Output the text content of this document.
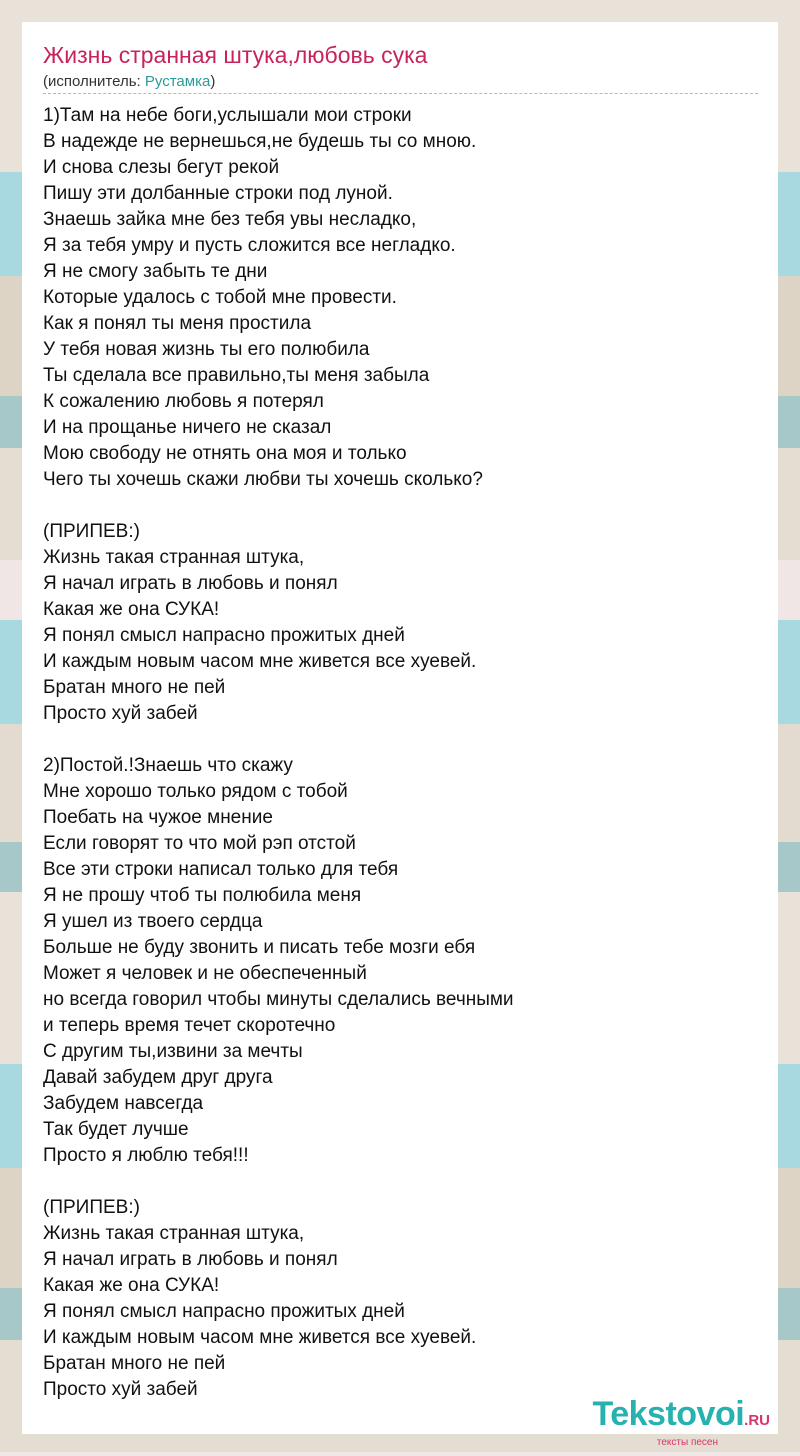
Жизнь странная штука,любовь сука
(исполнитель: Рустамка)
1)Там на небе боги,услышали мои строки
В надежде не вернешься,не будешь ты со мною.
И снова слезы бегут рекой
Пишу эти долбанные строки под луной.
Знаешь зайка мне без тебя увы несладко,
Я за тебя умру и пусть сложится все негладко.
Я не смогу забыть те дни
Которые удалось с тобой мне провести.
Как я понял ты меня простила
У тебя новая жизнь ты его полюбила
Ты сделала все правильно,ты меня забыла
К сожалению любовь я потерял
И на прощанье ничего не сказал
Мою свободу не отнять она моя и только
Чего ты хочешь скажи любви ты хочешь сколько?
(ПРИПЕВ:)
Жизнь такая странная штука,
Я начал играть в любовь и понял
Какая же она СУКА!
Я понял смысл напрасно прожитых дней
И каждым новым часом мне живется все хуевей.
Братан много не пей
Просто хуй забей
2)Постой.!Знаешь что скажу
Мне хорошо только рядом с тобой
Поебать на чужое мнение
Если говорят то что мой рэп отстой
Все эти строки написал только для тебя
Я не прошу чтоб ты полюбила меня
Я ушел из твоего сердца
Больше не буду звонить и писать тебе мозги ебя
Может я человек и не обеспеченный
но всегда говорил чтобы минуты сделались вечными
и теперь время течет скоротечно
С другим ты,извини за мечты
Давай забудем друг друга
Забудем навсегда
Так будет лучше
Просто я люблю тебя!!!
(ПРИПЕВ:)
Жизнь такая странная штука,
Я начал играть в любовь и понял
Какая же она СУКА!
Я понял смысл напрасно прожитых дней
И каждым новым часом мне живется все хуевей.
Братан много не пей
Просто хуй забей
Tekstovoi.RU
тексты песен
